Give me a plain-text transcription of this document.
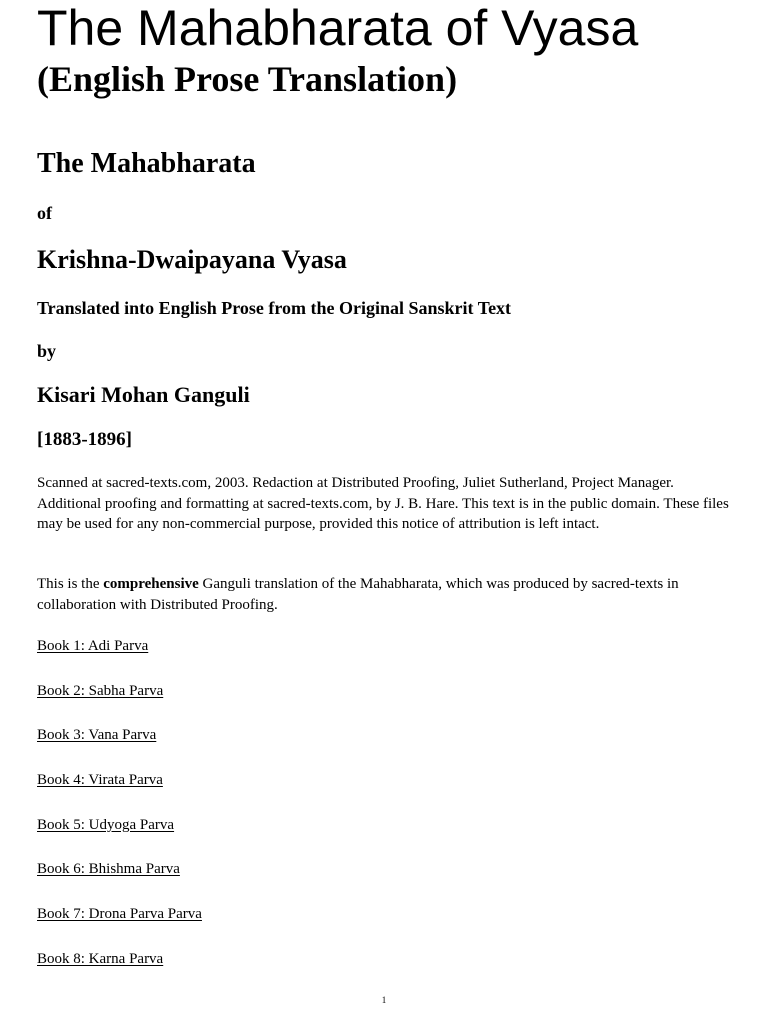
The Mahabharata of Vyasa
(English Prose Translation)
The Mahabharata

of

Krishna-Dwaipayana Vyasa

Translated into English Prose from the Original Sanskrit Text

by

Kisari Mohan Ganguli

[1883-1896]

Scanned at sacred-texts.com, 2003. Redaction at Distributed Proofing, Juliet Sutherland, Project Manager. Additional proofing and formatting at sacred-texts.com, by J. B. Hare. This text is in the public domain. These files may be used for any non-commercial purpose, provided this notice of attribution is left intact.

This is the comprehensive Ganguli translation of the Mahabharata, which was produced by sacred-texts in collaboration with Distributed Proofing.

Book 1: Adi Parva
Book 2: Sabha Parva
Book 3: Vana Parva
Book 4: Virata Parva
Book 5: Udyoga Parva
Book 6: Bhishma Parva
Book 7: Drona Parva Parva
Book 8: Karna Parva
1
